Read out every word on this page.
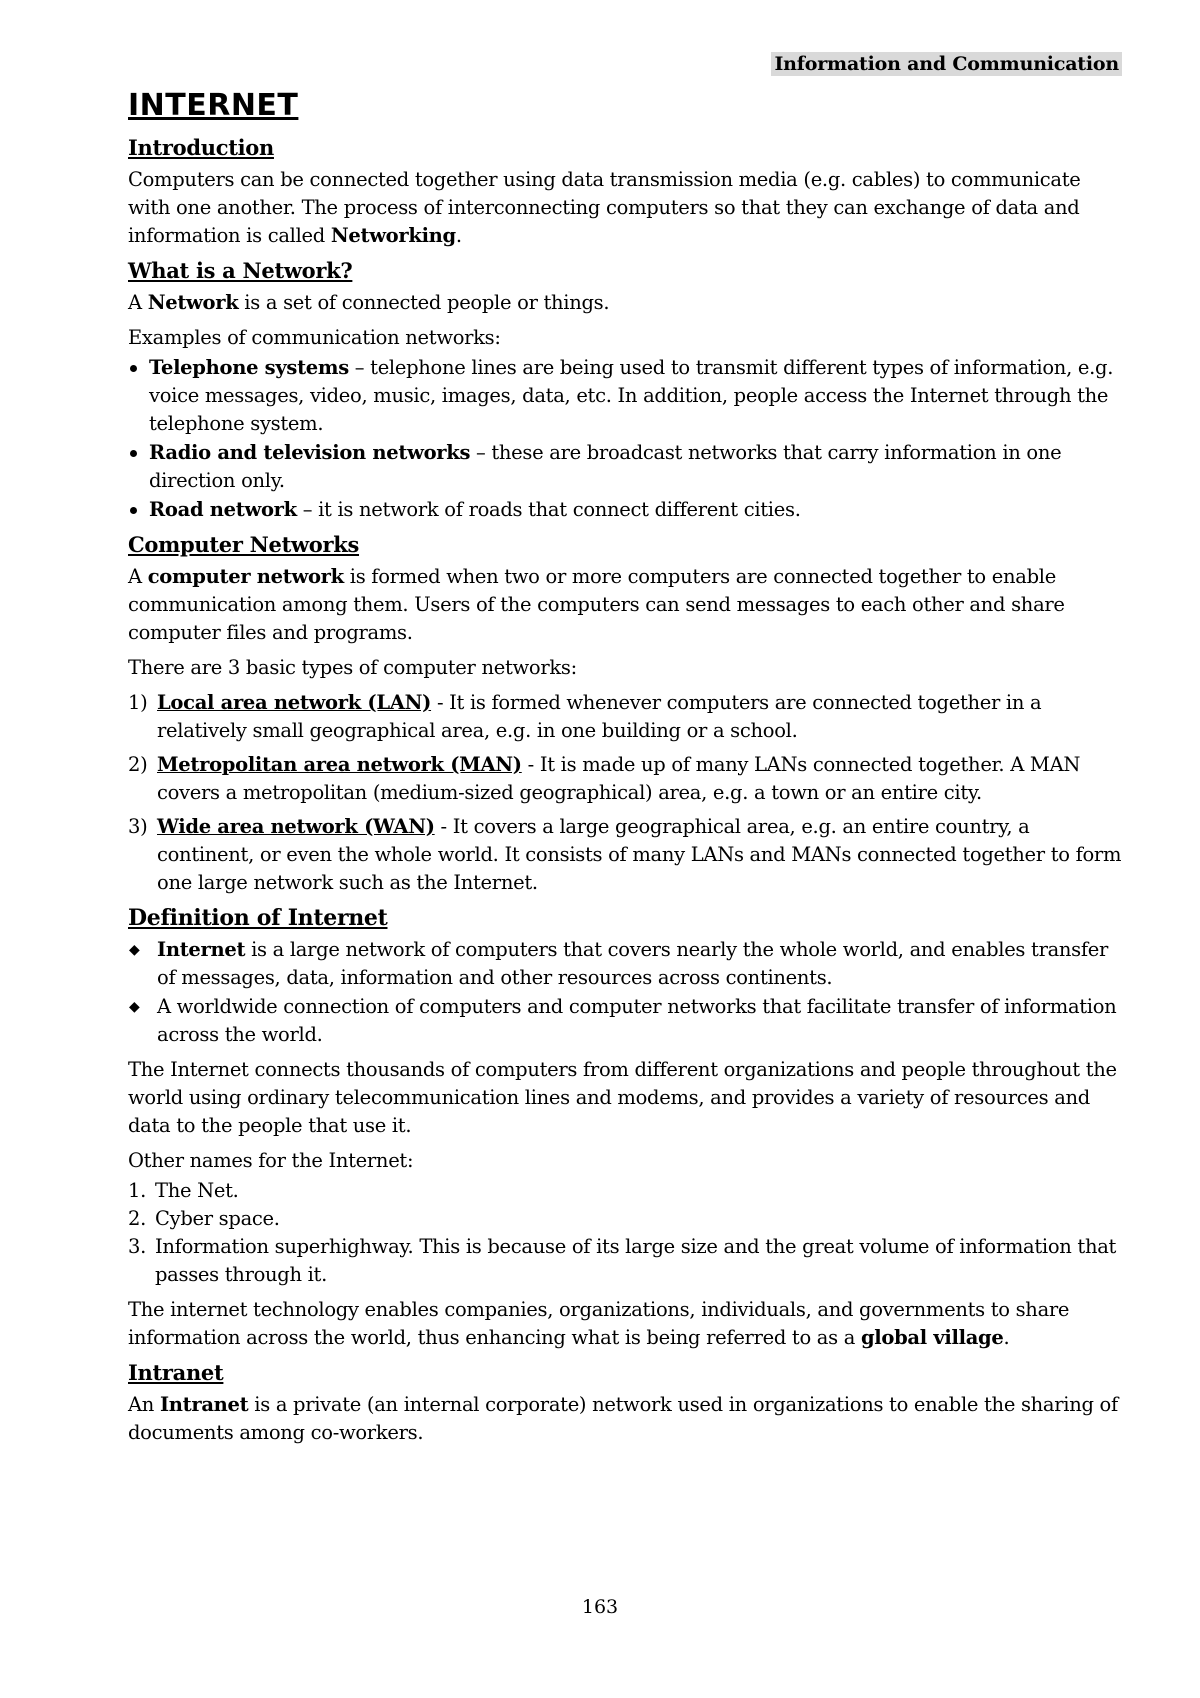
Information and Communication
INTERNET
Introduction

Computers can be connected together using data transmission media (e.g. cables) to communicate with one another. The process of interconnecting computers so that they can exchange of data and information is called Networking.

What is a Network?

A Network is a set of connected people or things.

Examples of communication networks:

Telephone systems – telephone lines are being used to transmit different types of information, e.g. voice messages, video, music, images, data, etc. In addition, people access the Internet through the telephone system.
Radio and television networks – these are broadcast networks that carry information in one direction only.
Road network – it is network of roads that connect different cities.
Computer Networks

A computer network is formed when two or more computers are connected together to enable communication among them. Users of the computers can send messages to each other and share computer files and programs.

There are 3 basic types of computer networks:

1) Local area network (LAN) - It is formed whenever computers are connected together in a relatively small geographical area, e.g. in one building or a school.
2) Metropolitan area network (MAN) - It is made up of many LANs connected together. A MAN covers a metropolitan (medium-sized geographical) area, e.g. a town or an entire city.
3) Wide area network (WAN) - It covers a large geographical area, e.g. an entire country, a continent, or even the whole world. It consists of many LANs and MANs connected together to form one large network such as the Internet.
Definition of Internet
◆ Internet is a large network of computers that covers nearly the whole world, and enables transfer of messages, data, information and other resources across continents.
◆ A worldwide connection of computers and computer networks that facilitate transfer of information across the world.

The Internet connects thousands of computers from different organizations and people throughout the world using ordinary telecommunication lines and modems, and provides a variety of resources and data to the people that use it.

Other names for the Internet:

1. The Net.
2. Cyber space.
3. Information superhighway. This is because of its large size and the great volume of information that passes through it.

The internet technology enables companies, organizations, individuals, and governments to share information across the world, thus enhancing what is being referred to as a global village.

Intranet

An Intranet is a private (an internal corporate) network used in organizations to enable the sharing of documents among co-workers.

163
